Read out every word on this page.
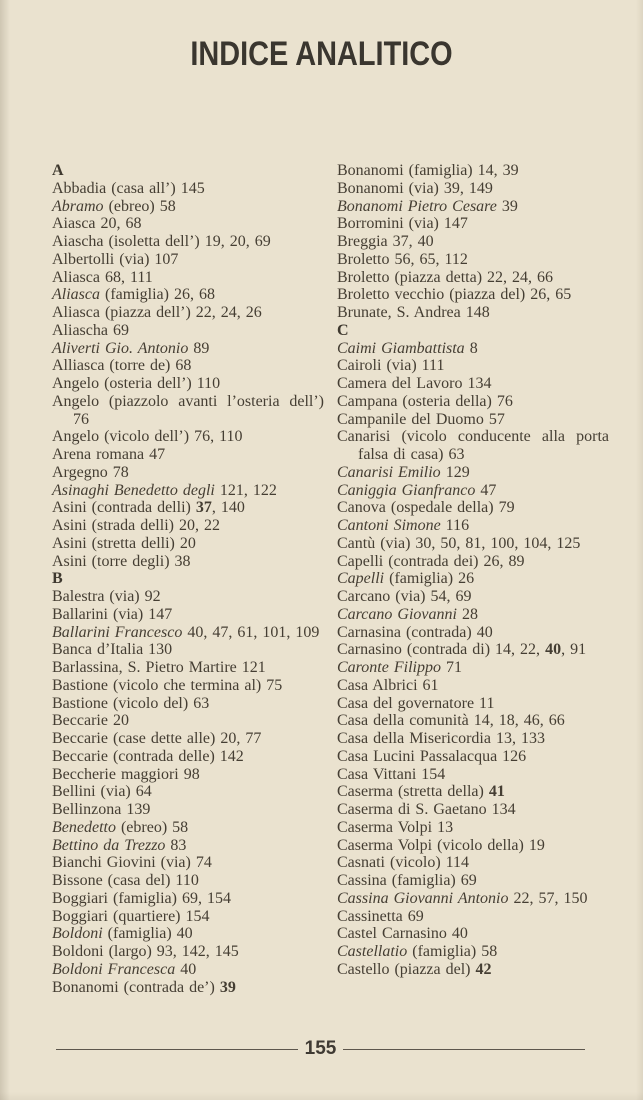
INDICE ANALITICO

A

Abbadia (casa all’) 145

Abramo (ebreo) 58

Aiasca 20, 68

Aiascha (isoletta dell’) 19, 20, 69

Albertolli (via) 107

Aliasca 68, 111

Aliasca (famiglia) 26, 68

Aliasca (piazza dell’) 22, 24, 26

Aliascha 69

Aliverti Gio. Antonio 89

Alliasca (torre de) 68

Angelo (osteria dell’) 110

Angelo (piazzolo avanti l’osteria dell’) 76

Angelo (vicolo dell’) 76, 110

Arena romana 47

Argegno 78

Asinaghi Benedetto degli 121, 122

Asini (contrada delli) 37, 140

Asini (strada delli) 20, 22

Asini (stretta delli) 20

Asini (torre degli) 38

B

Balestra (via) 92

Ballarini (via) 147

Ballarini Francesco 40, 47, 61, 101, 109

Banca d’Italia 130

Barlassina, S. Pietro Martire 121

Bastione (vicolo che termina al) 75

Bastione (vicolo del) 63

Beccarie 20

Beccarie (case dette alle) 20, 77

Beccarie (contrada delle) 142

Beccherie maggiori 98

Bellini (via) 64

Bellinzona 139

Benedetto (ebreo) 58

Bettino da Trezzo 83

Bianchi Giovini (via) 74

Bissone (casa del) 110

Boggiari (famiglia) 69, 154

Boggiari (quartiere) 154

Boldoni (famiglia) 40

Boldoni (largo) 93, 142, 145

Boldoni Francesca 40

Bonanomi (contrada de’) 39

Bonanomi (famiglia) 14, 39

Bonanomi (via) 39, 149

Bonanomi Pietro Cesare 39

Borromini (via) 147

Breggia 37, 40

Broletto 56, 65, 112

Broletto (piazza detta) 22, 24, 66

Broletto vecchio (piazza del) 26, 65

Brunate, S. Andrea 148

C

Caimi Giambattista 8

Cairoli (via) 111

Camera del Lavoro 134

Campana (osteria della) 76

Campanile del Duomo 57

Canarisi (vicolo conducente alla porta falsa di casa) 63

Canarisi Emilio 129

Caniggia Gianfranco 47

Canova (ospedale della) 79

Cantoni Simone 116

Cantù (via) 30, 50, 81, 100, 104, 125

Capelli (contrada dei) 26, 89

Capelli (famiglia) 26

Carcano (via) 54, 69

Carcano Giovanni 28

Carnasina (contrada) 40

Carnasino (contrada di) 14, 22, 40, 91

Caronte Filippo 71

Casa Albrici 61

Casa del governatore 11

Casa della comunità 14, 18, 46, 66

Casa della Misericordia 13, 133

Casa Lucini Passalacqua 126

Casa Vittani 154

Caserma (stretta della) 41

Caserma di S. Gaetano 134

Caserma Volpi 13

Caserma Volpi (vicolo della) 19

Casnati (vicolo) 114

Cassina (famiglia) 69

Cassina Giovanni Antonio 22, 57, 150

Cassinetta 69

Castel Carnasino 40

Castellatio (famiglia) 58

Castello (piazza del) 42

155
